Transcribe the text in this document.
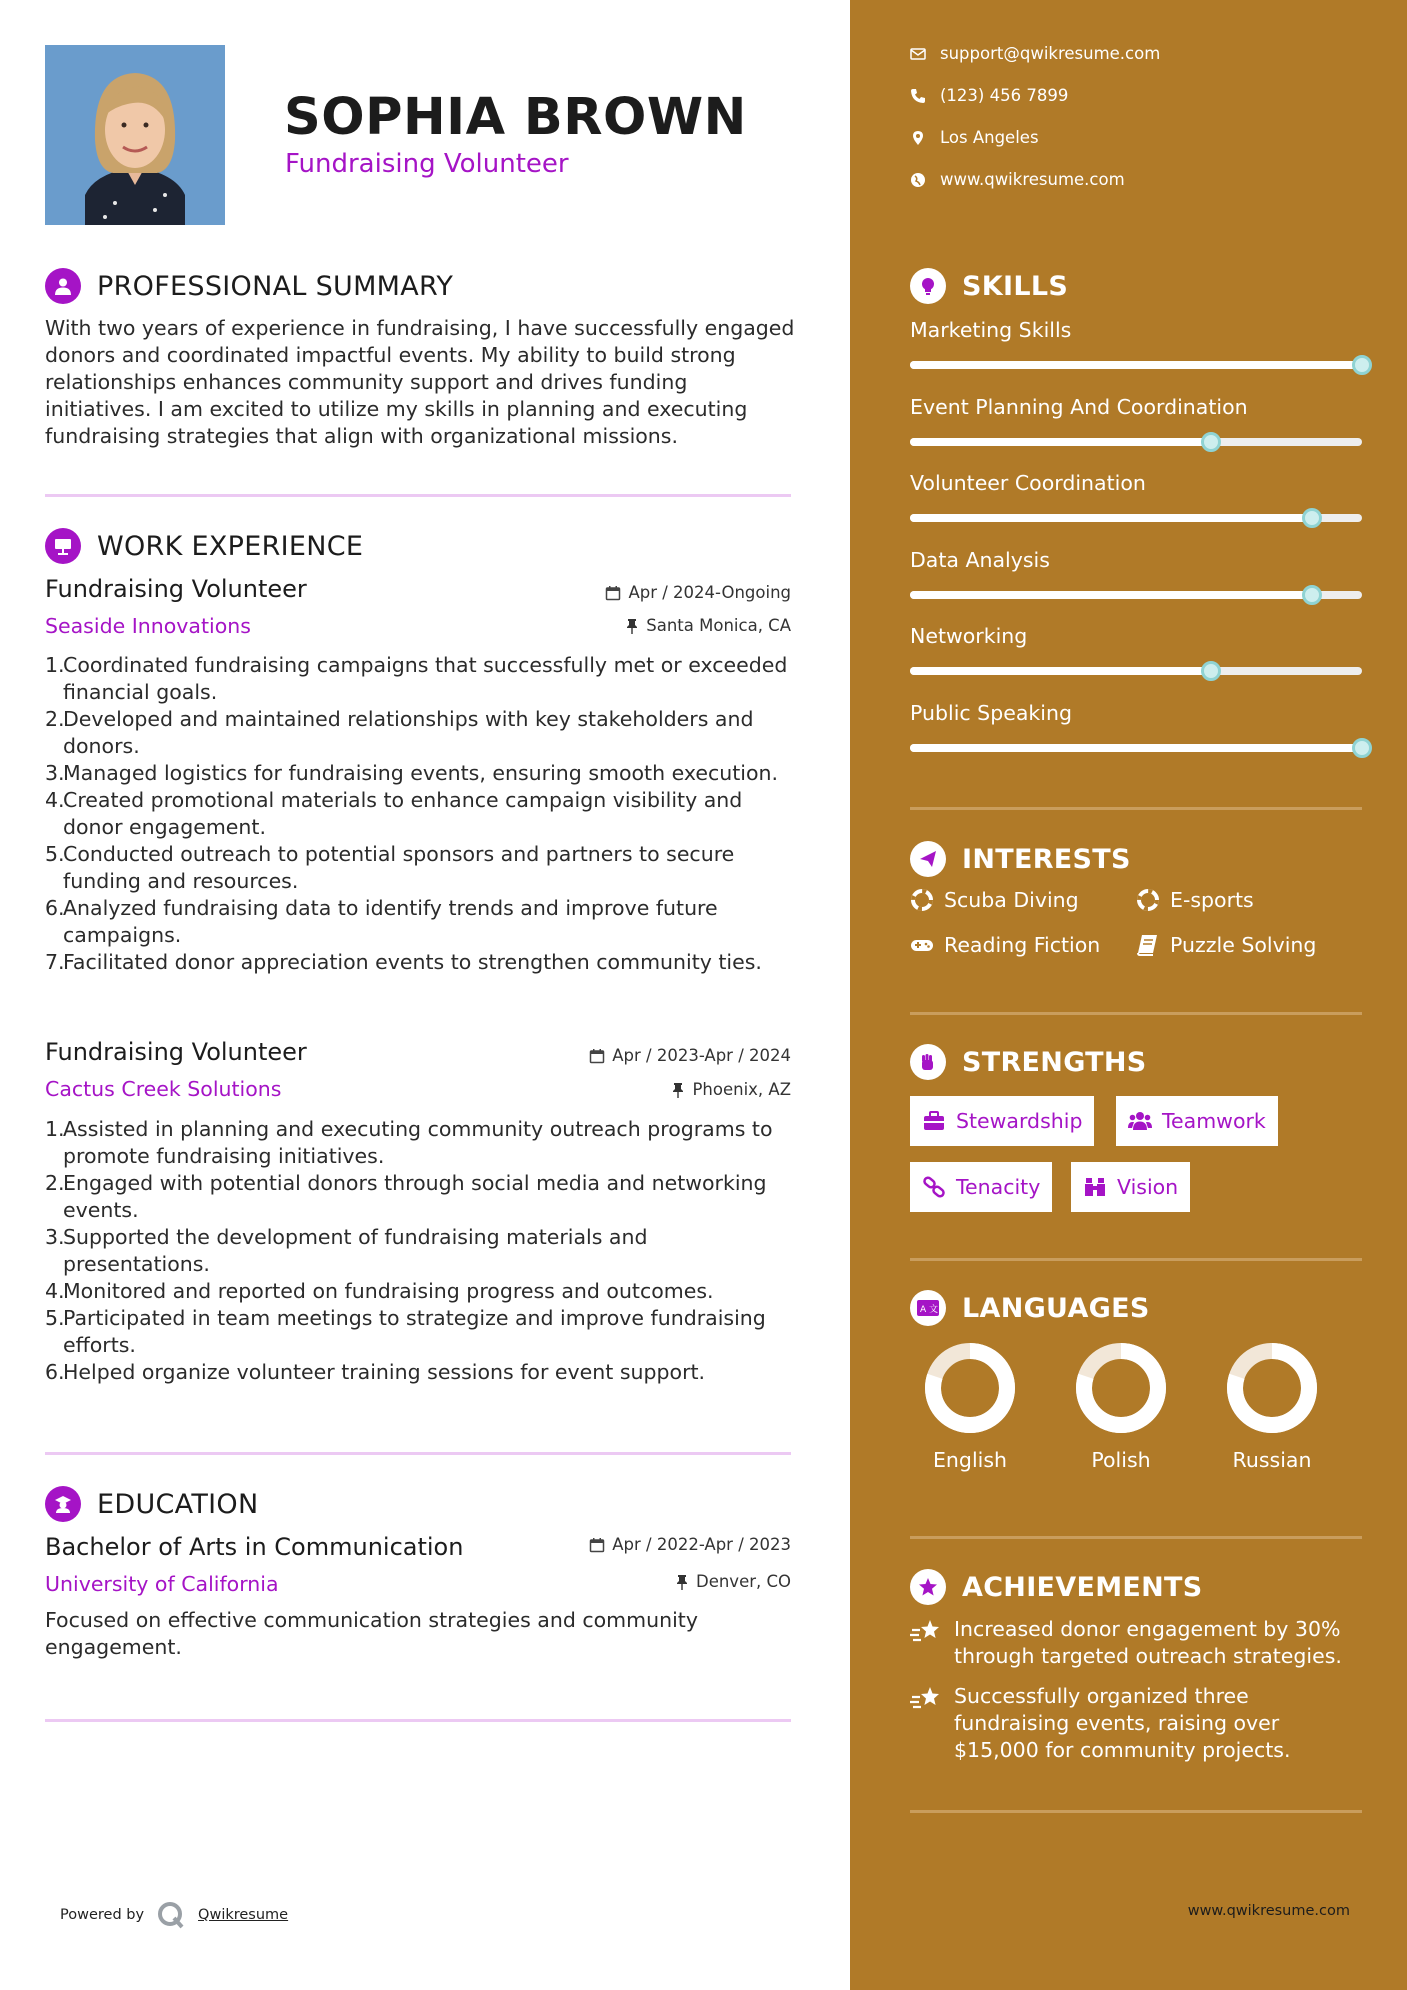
SOPHIA BROWN
Fundraising Volunteer
PROFESSIONAL SUMMARY
With two years of experience in fundraising, I have successfully engaged donors and coordinated impactful events. My ability to build strong relationships enhances community support and drives funding initiatives. I am excited to utilize my skills in planning and executing fundraising strategies that align with organizational missions.
WORK EXPERIENCE
Fundraising Volunteer
Seaside Innovations
Apr / 2024-Ongoing
Santa Monica, CA
1.
Coordinated fundraising campaigns that successfully met or exceeded financial goals.
2.
Developed and maintained relationships with key stakeholders and donors.
3.
Managed logistics for fundraising events, ensuring smooth execution.
4.
Created promotional materials to enhance campaign visibility and donor engagement.
5.
Conducted outreach to potential sponsors and partners to secure funding and resources.
6.
Analyzed fundraising data to identify trends and improve future campaigns.
7.
Facilitated donor appreciation events to strengthen community ties.
Fundraising Volunteer
Cactus Creek Solutions
Apr / 2023-Apr / 2024
Phoenix, AZ
1.
Assisted in planning and executing community outreach programs to promote fundraising initiatives.
2.
Engaged with potential donors through social media and networking events.
3.
Supported the development of fundraising materials and presentations.
4.
Monitored and reported on fundraising progress and outcomes.
5.
Participated in team meetings to strategize and improve fundraising efforts.
6.
Helped organize volunteer training sessions for event support.
EDUCATION
Bachelor of Arts in Communication
University of California
Apr / 2022-Apr / 2023
Denver, CO
Focused on effective communication strategies and community engagement.
Powered by	Qwikresume
support@qwikresume.com
(123) 456 7899
Los Angeles
www.qwikresume.com
SKILLS
Marketing Skills
Event Planning And Coordination
Volunteer Coordination
Data Analysis
Networking
Public Speaking
INTERESTS
Scuba Diving	E-sports
Reading Fiction	Puzzle Solving
STRENGTHS
Stewardship	Teamwork
Tenacity	Vision
A 文 LANGUAGES
English	Polish	Russian
ACHIEVEMENTS
Increased donor engagement by 30% through targeted outreach strategies.
Successfully organized three fundraising events, raising over $15,000 for community projects.
www.qwikresume.com
